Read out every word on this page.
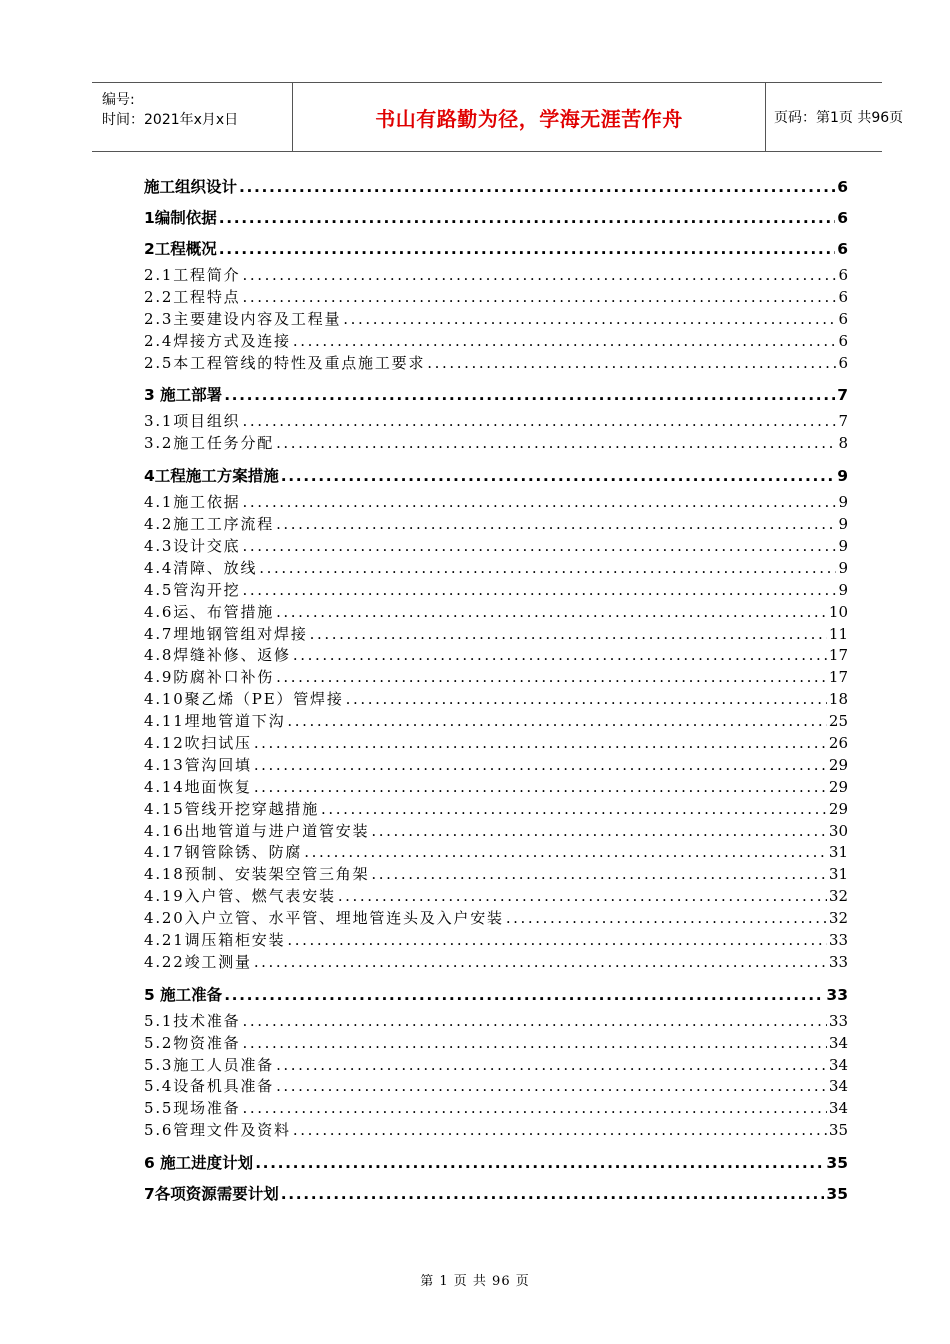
编号:
时间：2021年x月x日	书山有路勤为径，学海无涯苦作舟	页码：第1页 共96页
施工组织设计 .....	6
1编制依据 .....	6
2工程概况 .....	6
2.1工程简介 .....	6
2.2工程特点 .....	6
2.3主要建设内容及工程量 .....	6
2.4焊接方式及连接 .....	6
2.5本工程管线的特性及重点施工要求 .....	6
3 施工部署 .....	7
3.1项目组织 .....	7
3.2施工任务分配 .....	8
4工程施工方案措施 .....	9
4.1施工依据 .....	9
4.2施工工序流程 .....	9
4.3设计交底 .....	9
4.4清障、放线 .....	9
4.5管沟开挖 .....	9
4.6运、布管措施 .....	10
4.7埋地钢管组对焊接 .....	11
4.8焊缝补修、返修 .....	17
4.9防腐补口补伤 .....	17
4.10聚乙烯（PE）管焊接 .....	18
4.11埋地管道下沟 .....	25
4.12吹扫试压 .....	26
4.13管沟回填 .....	29
4.14地面恢复 .....	29
4.15管线开挖穿越措施 .....	29
4.16出地管道与进户道管安装 .....	30
4.17钢管除锈、防腐 .....	31
4.18预制、安装架空管三角架 .....	31
4.19入户管、燃气表安装 .....	32
4.20入户立管、水平管、埋地管连头及入户安装 .....	32
4.21调压箱柜安装 .....	33
4.22竣工测量 .....	33
5 施工准备 .....	33
5.1技术准备 .....	33
5.2物资准备 .....	34
5.3施工人员准备 .....	34
5.4设备机具准备 .....	34
5.5现场准备 .....	34
5.6管理文件及资料 .....	35
6 施工进度计划 .....	35
7各项资源需要计划 .....	35
第 1 页 共 96 页
